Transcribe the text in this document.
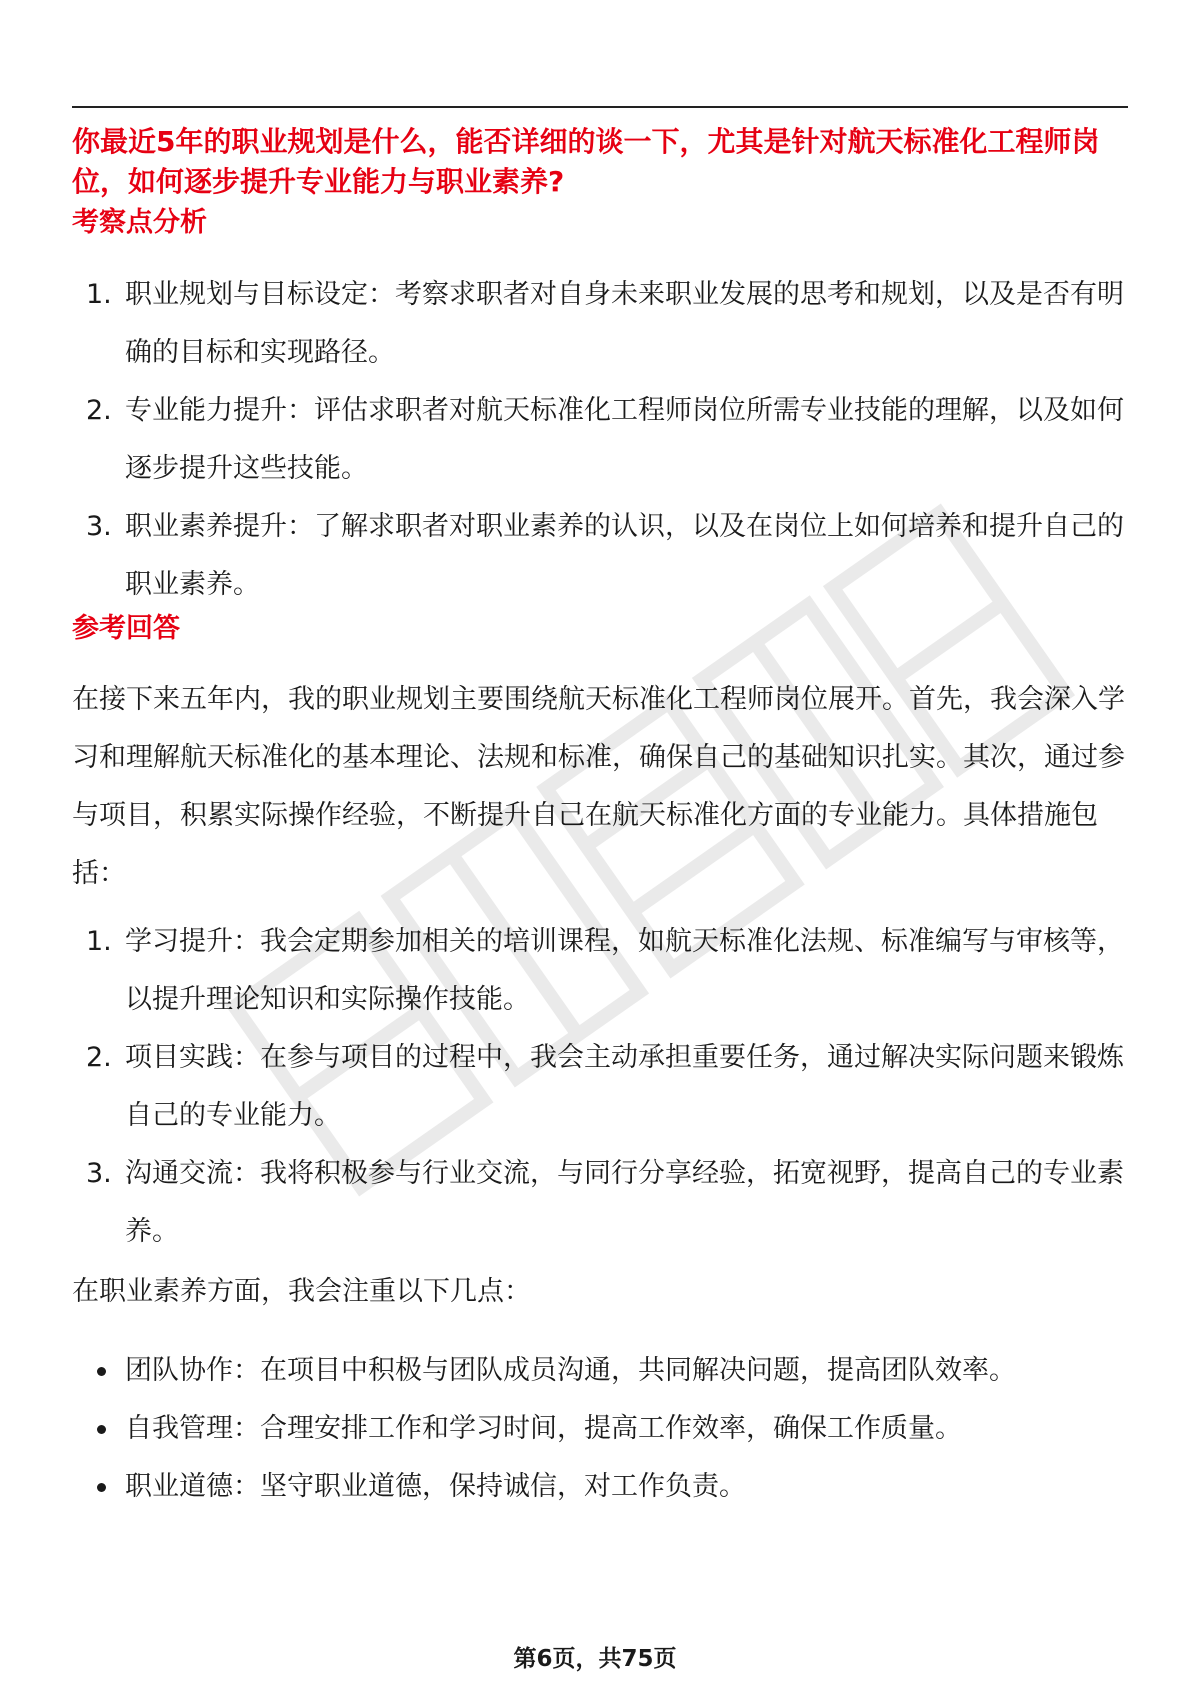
你最近5年的职业规划是什么，能否详细的谈一下，尤其是针对航天标准化工程师岗位，如何逐步提升专业能力与职业素养?
考察点分析
1. 职业规划与目标设定：考察求职者对自身未来职业发展的思考和规划，以及是否有明确的目标和实现路径。
2. 专业能力提升：评估求职者对航天标准化工程师岗位所需专业技能的理解，以及如何逐步提升这些技能。
3. 职业素养提升：了解求职者对职业素养的认识，以及在岗位上如何培养和提升自己的职业素养。
参考回答
在接下来五年内，我的职业规划主要围绕航天标准化工程师岗位展开。首先，我会深入学习和理解航天标准化的基本理论、法规和标准，确保自己的基础知识扎实。其次，通过参与项目，积累实际操作经验，不断提升自己在航天标准化方面的专业能力。具体措施包括：
1. 学习提升：我会定期参加相关的培训课程，如航天标准化法规、标准编写与审核等，以提升理论知识和实际操作技能。
2. 项目实践：在参与项目的过程中，我会主动承担重要任务，通过解决实际问题来锻炼自己的专业能力。
3. 沟通交流：我将积极参与行业交流，与同行分享经验，拓宽视野，提高自己的专业素养。
在职业素养方面，我会注重以下几点：
团队协作：在项目中积极与团队成员沟通，共同解决问题，提高团队效率。
自我管理：合理安排工作和学习时间，提高工作效率，确保工作质量。
职业道德：坚守职业道德，保持诚信，对工作负责。
第6页，共75页
